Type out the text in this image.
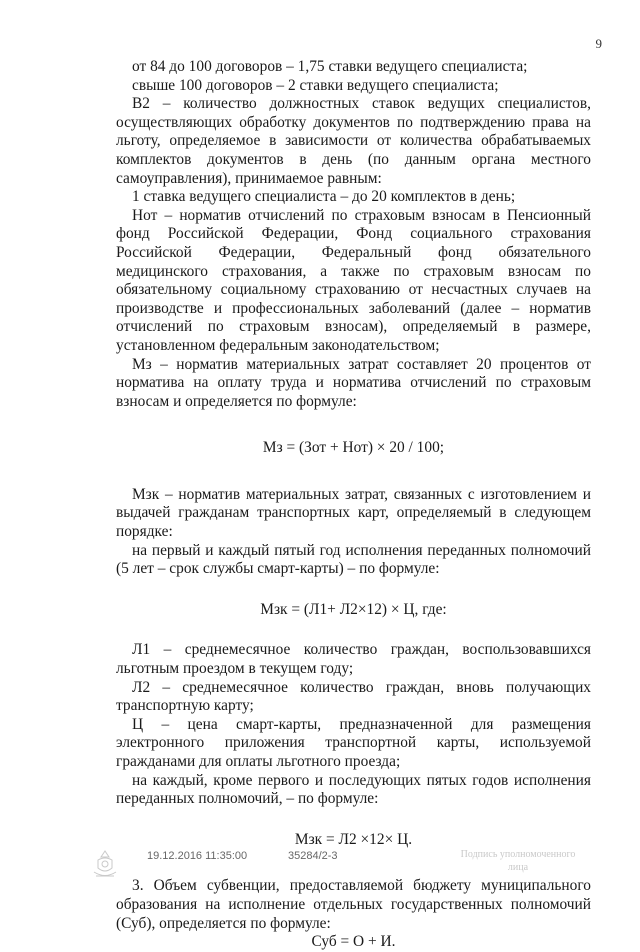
9

от 84 до 100 договоров – 1,75 ставки ведущего специалиста;

свыше 100 договоров – 2 ставки ведущего специалиста;

В2 – количество должностных ставок ведущих специалистов, осуществляющих обработку документов по подтверждению права на льготу, определяемое в зависимости от количества обрабатываемых комплектов документов в день (по данным органа местного самоуправления), принимаемое равным:

1 ставка ведущего специалиста – до 20 комплектов в день;

Нот – норматив отчислений по страховым взносам в Пенсионный фонд Российской Федерации, Фонд социального страхования Российской Федерации, Федеральный фонд обязательного медицинского страхования, а также по страховым взносам по обязательному социальному страхованию от несчастных случаев на производстве и профессиональных заболеваний (далее – норматив отчислений по страховым взносам), определяемый в размере, установленном федеральным законодательством;

Мз – норматив материальных затрат составляет 20 процентов от норматива на оплату труда и норматива отчислений по страховым взносам и определяется по формуле:

Мз = (Зот + Нот) × 20 / 100;

Мзк – норматив материальных затрат, связанных с изготовлением и выдачей гражданам транспортных карт, определяемый в следующем порядке:

на первый и каждый пятый год исполнения переданных полномочий (5 лет – срок службы смарт-карты) – по формуле:

Мзк = (Л1+ Л2×12) × Ц, где:

Л1 – среднемесячное количество граждан, воспользовавшихся льготным проездом в текущем году;

Л2 – среднемесячное количество граждан, вновь получающих транспортную карту;

Ц – цена смарт-карты, предназначенной для размещения электронного приложения транспортной карты, используемой гражданами для оплаты льготного проезда;

на каждый, кроме первого и последующих пятых годов исполнения переданных полномочий, – по формуле:

Мзк = Л2 ×12× Ц.

3. Объем субвенции, предоставляемой бюджету муниципального образования на исполнение отдельных государственных полномочий (Суб), определяется по формуле:

Суб = О + И.

19.12.2016 11:35:00	35284/2-3	Подпись уполномоченного
лица
